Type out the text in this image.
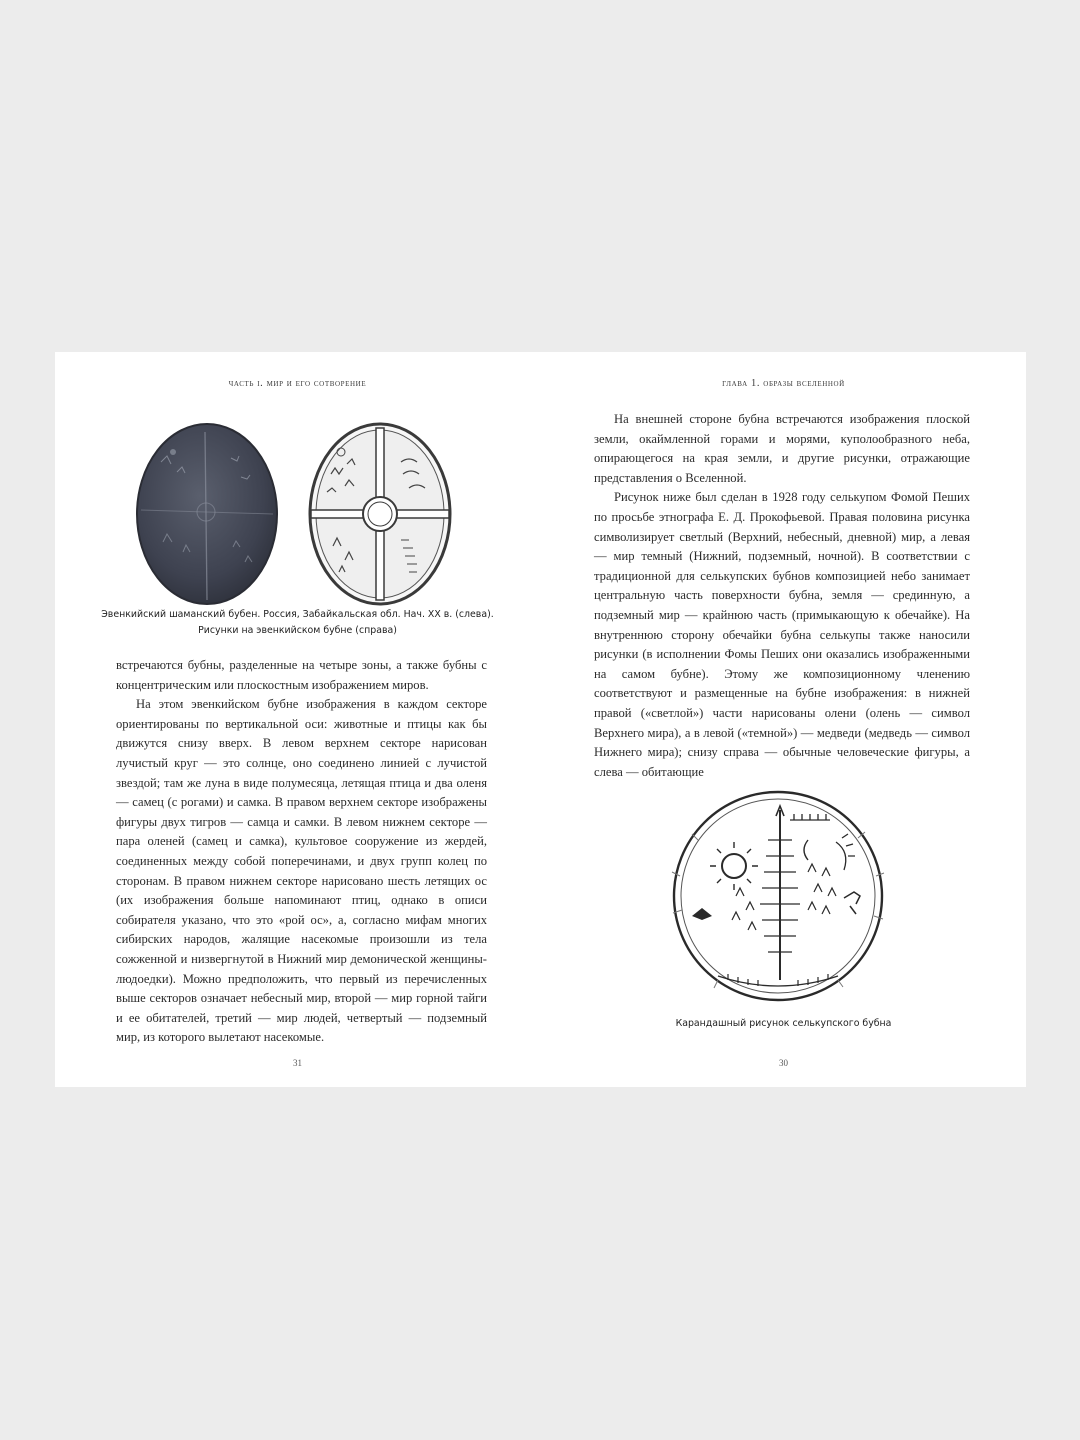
часть i. мир и его сотворение
Эвенкийский шаманский бубен. Россия, Забайкальская обл. Нач. XX в. (слева).
Рисунки на эвенкийском бубне (справа)

встречаются бубны, разделенные на четыре зоны, а также бубны с концентрическим или плоскостным изображением миров.

На этом эвенкийском бубне изображения в каждом секторе ориентированы по вертикальной оси: животные и птицы как бы движутся снизу вверх. В левом верхнем секторе нарисован лучистый круг — это солнце, оно соединено линией с лучистой звездой; там же луна в виде полумесяца, летящая птица и два оленя — самец (с рогами) и самка. В правом верхнем секторе изображены фигуры двух тигров — самца и самки. В левом нижнем секторе — пара оленей (самец и самка), культовое сооружение из жердей, соединенных между собой поперечинами, и двух групп колец по сторонам. В правом нижнем секторе нарисовано шесть летящих ос (их изображения больше напоминают птиц, однако в описи собирателя указано, что это «рой ос», а, согласно мифам многих сибирских народов, жалящие насекомые произошли из тела сожженной и низвергнутой в Нижний мир демонической женщины-людоедки). Можно предположить, что первый из перечисленных выше секторов означает небесный мир, второй — мир горной тайги и ее обитателей, третий — мир людей, четвертый — подземный мир, из которого вылетают насекомые.

31
глава 1. образы вселенной

На внешней стороне бубна встречаются изображения плоской земли, окаймленной горами и морями, куполообразного неба, опирающегося на края земли, и другие рисунки, отражающие представления о Вселенной.

Рисунок ниже был сделан в 1928 году селькупом Фомой Пеших по просьбе этнографа Е. Д. Прокофьевой. Правая половина рисунка символизирует светлый (Верхний, небесный, дневной) мир, а левая — мир темный (Нижний, подземный, ночной). В соответствии с традиционной для селькупских бубнов композицией небо занимает центральную часть поверхности бубна, земля — срединную, а подземный мир — крайнюю часть (примыкающую к обечайке). На внутреннюю сторону обечайки бубна селькупы также наносили рисунки (в исполнении Фомы Пеших они оказались изображенными на самом бубне). Этому же композиционному членению соответствуют и размещенные на бубне изображения: в нижней правой («светлой») части нарисованы олени (олень — символ Верхнего мира), а в левой («темной») — медведи (медведь — символ Нижнего мира); снизу справа — обычные человеческие фигуры, а слева — обитающие

Карандашный рисунок селькупского бубна
30
